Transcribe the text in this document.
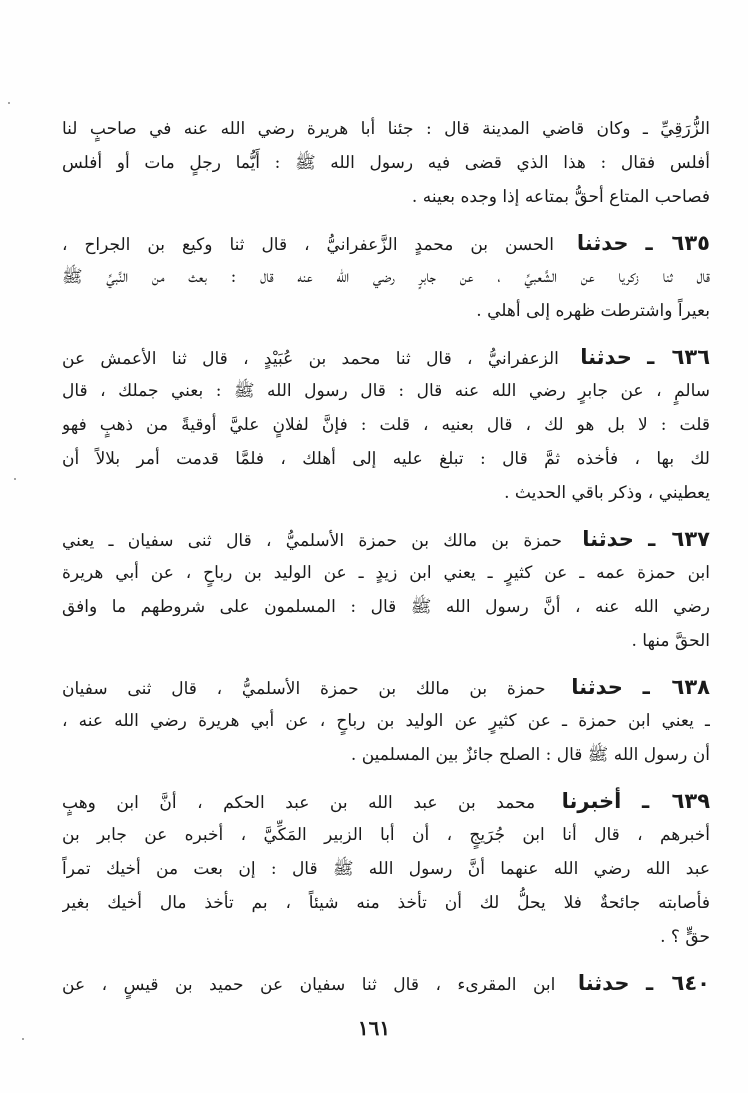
الزُّرَقِيِّ ـ وكان قاضي المدينة قال : جئنا أبا هريرة رضي الله عنه في صاحبٍ لنا
أفلس فقال : هذا الذي قضى فيه رسول الله ﷺ : أَيُّما رجلٍ مات أو أفلس
فصاحب المتاع أحقُّ بمتاعه إذا وجده بعينه .
٦٣٥ ـ حدثنا الحسن بن محمدٍ الزَّعفرانيُّ ، قال ثنا وكيع بن الجراح ،
قال ثنا زكريا عن الشَّعبيِّ ، عن جابرٍ رضي الله عنه قال : بعث من النَّبيِّ ﷺ
بعيراً واشترطت ظهره إلى أهلي .
٦٣٦ ـ حدثنا الزعفرانيُّ ، قال ثنا محمد بن عُبَيْدٍ ، قال ثنا الأعمش عن
سالمٍ ، عن جابرٍ رضي الله عنه قال : قال رسول الله ﷺ : بعني جملك ، قال
قلت : لا بل هو لك ، قال بعنيه ، قلت : فإنَّ لفلانٍ عليَّ أوقيةً من ذهبٍ فهو
لك بها ، فأخذه ثمَّ قال : تبلغ عليه إلى أهلك ، فلمَّا قدمت أمر بلالاً أن
يعطيني ، وذكر باقي الحديث .
٦٣٧ ـ حدثنا حمزة بن مالك بن حمزة الأسلميُّ ، قال ثنى سفيان ـ يعني
ابن حمزة عمه ـ عن كثيرٍ ـ يعني ابن زيدٍ ـ عن الوليد بن رباحٍ ، عن أبي هريرة
رضي الله عنه ، أنَّ رسول الله ﷺ قال : المسلمون على شروطهم ما وافق
الحقَّ منها .
٦٣٨ ـ حدثنا حمزة بن مالك بن حمزة الأسلميُّ ، قال ثنى سفيان
ـ يعني ابن حمزة ـ عن كثيرٍ عن الوليد بن رباحٍ ، عن أبي هريرة رضي الله عنه ،
أن رسول الله ﷺ قال : الصلح جائزٌ بين المسلمين .
٦٣٩ ـ أخبرنا محمد بن عبد الله بن عبد الحكم ، أنَّ ابن وهبٍ
أخبرهم ، قال أنا ابن جُرَيجٍ ، أن أبا الزبير المَكِّيَّ ، أخبره عن جابر بن
عبد الله رضي الله عنهما أنَّ رسول الله ﷺ قال : إن بعت من أخيك تمراً
فأصابته جائحةٌ فلا يحلُّ لك أن تأخذ منه شيئاً ، بم تأخذ مال أخيك بغير
حقٍّ ؟ .
٦٤٠ ـ حدثنا ابن المقرىء ، قال ثنا سفيان عن حميد بن قيسٍ ، عن
١٦١
